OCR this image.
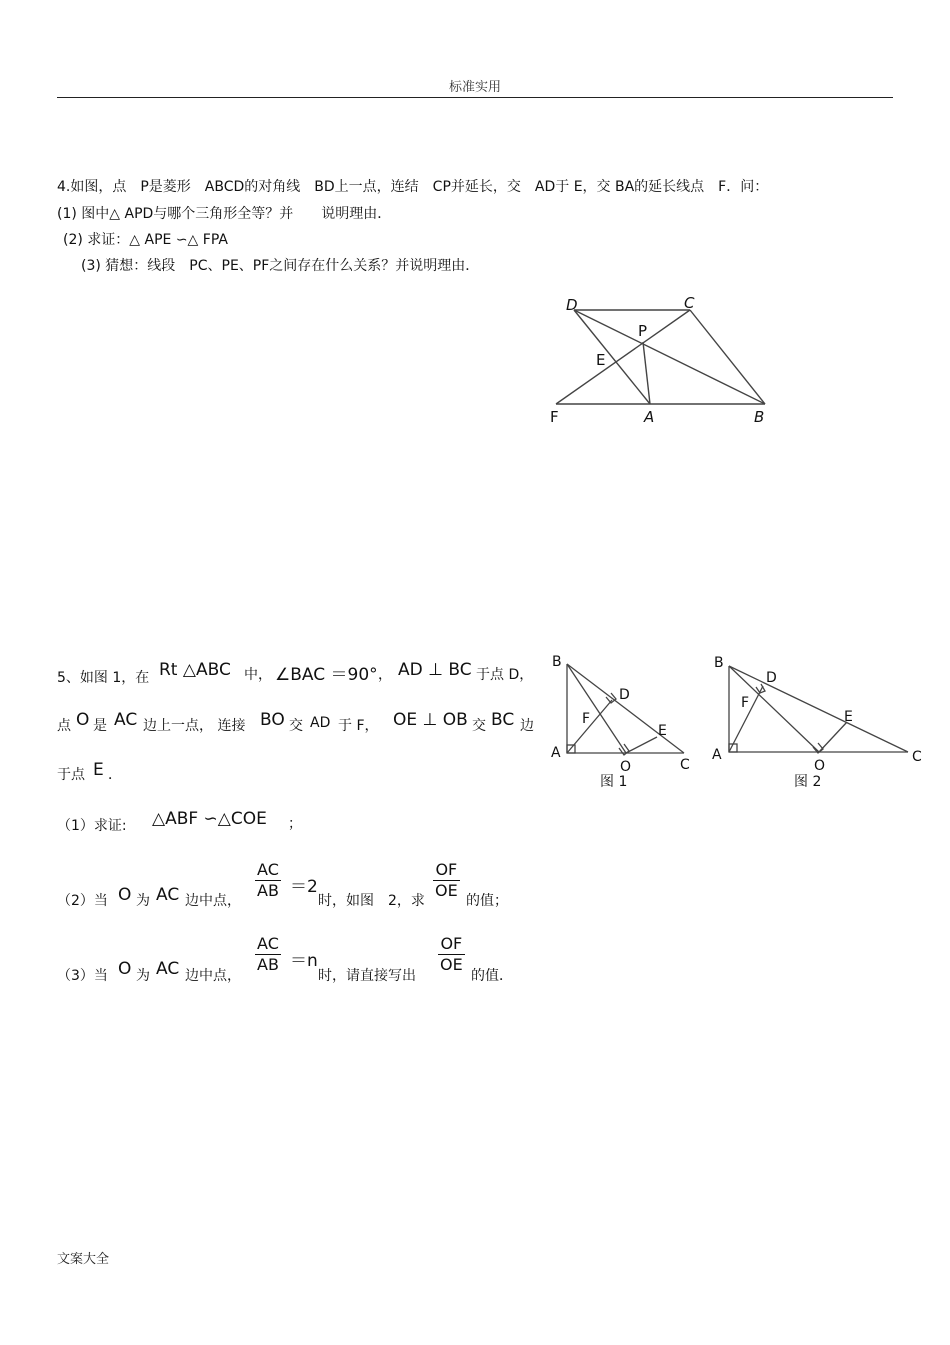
标准实用
文案大全
4.如图，点　P是菱形　ABCD的对角线　BD上一点，连结　CP并延长，交　AD于 E，交 BA的延长线点　F．问：
(1) 图中△ APD与哪个三角形全等？并　　说明理由．
(2) 求证：△ APE ∽△ FPA
(3) 猜想：线段　PC、PE、PF之间存在什么关系？并说明理由．
D	C
P
E
F	A	B
5、如图 1，在 Rt △ABC 中， ∠BAC ＝90° ， AD ⊥ BC 于点 D，
点 O 是 AC 边上一点， 连接 BO 交 AD 于 F， OE ⊥ OB 交 BC 边
于点 E ．
（1）求证: △ABF ∽△COE ；
（2）当 O 为 AC 边中点， $\frac{AC}{AB} =2$
时，如图　2，求 $\frac{OF}{OE}$ 的值；
（3）当 O 为 AC 边中点，
$\frac{AC}{AB} =n$
时，请直接写出
$\frac{OF}{OE}$
的值．
B
D
F
E
A
O	C
图 1
B
D
F
E
A
O
C
图 2
